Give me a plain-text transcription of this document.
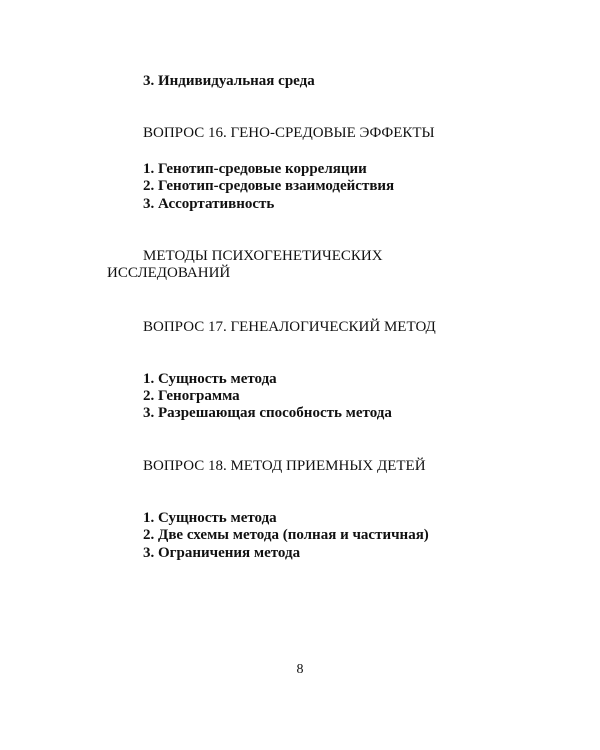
3. Индивидуальная среда
ВОПРОС 16. ГЕНО-СРЕДОВЫЕ ЭФФЕКТЫ
1. Генотип-средовые корреляции
2. Генотип-средовые взаимодействия
3. Ассортативность
МЕТОДЫ ПСИХОГЕНЕТИЧЕСКИХ
ИССЛЕДОВАНИЙ
ВОПРОС 17. ГЕНЕАЛОГИЧЕСКИЙ МЕТОД
1. Сущность метода
2. Генограмма
3. Разрешающая способность метода
ВОПРОС 18. МЕТОД ПРИЕМНЫХ ДЕТЕЙ
1. Сущность метода
2. Две схемы метода (полная и частичная)
3. Ограничения метода
8
